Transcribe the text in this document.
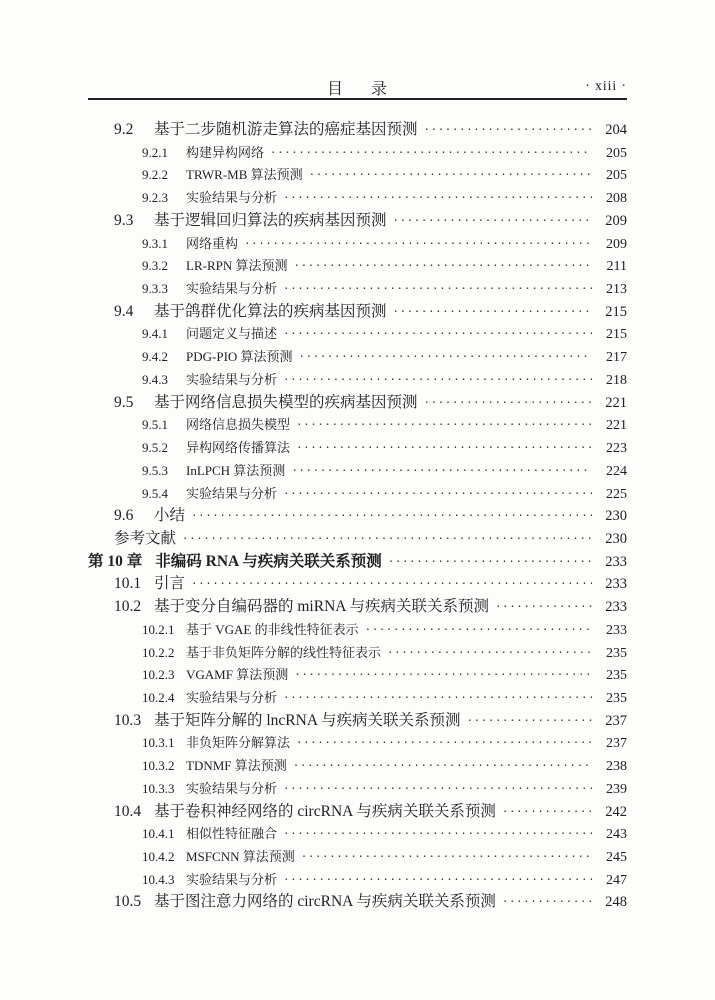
目 录	· xiii ·
9.2	基于二步随机游走算法的癌症基因预测 ·····	204
9.2.1	构建异构网络 ·····	205
9.2.2	TRWR-MB 算法预测 ·····	205
9.2.3	实验结果与分析 ·····	208
9.3	基于逻辑回归算法的疾病基因预测 ·····	209
9.3.1	网络重构 ·····	209
9.3.2	LR-RPN 算法预测 ·····	211
9.3.3	实验结果与分析 ·····	213
9.4	基于鸽群优化算法的疾病基因预测 ·····	215
9.4.1	问题定义与描述 ·····	215
9.4.2	PDG-PIO 算法预测 ·····	217
9.4.3	实验结果与分析 ·····	218
9.5	基于网络信息损失模型的疾病基因预测 ·····	221
9.5.1	网络信息损失模型 ·····	221
9.5.2	异构网络传播算法 ·····	223
9.5.3	InLPCH 算法预测 ·····	224
9.5.4	实验结果与分析 ·····	225
9.6	小结 ·····	230
参考文献 ·····	230
第 10 章 非编码 RNA 与疾病关联关系预测 ·····	233
10.1 引言 ·····	233
10.2 基于变分自编码器的 miRNA 与疾病关联关系预测 ·····	233
10.2.1 基于 VGAE 的非线性特征表示 ·····	233
10.2.2 基于非负矩阵分解的线性特征表示 ·····	235
10.2.3 VGAMF 算法预测 ·····	235
10.2.4 实验结果与分析 ·····	235
10.3 基于矩阵分解的 lncRNA 与疾病关联关系预测 ·····	237
10.3.1 非负矩阵分解算法 ·····	237
10.3.2 TDNMF 算法预测 ·····	238
10.3.3 实验结果与分析 ·····	239
10.4 基于卷积神经网络的 circRNA 与疾病关联关系预测 ·····	242
10.4.1 相似性特征融合 ·····	243
10.4.2 MSFCNN 算法预测 ·····	245
10.4.3 实验结果与分析 ·····	247
10.5 基于图注意力网络的 circRNA 与疾病关联关系预测 ·····	248
